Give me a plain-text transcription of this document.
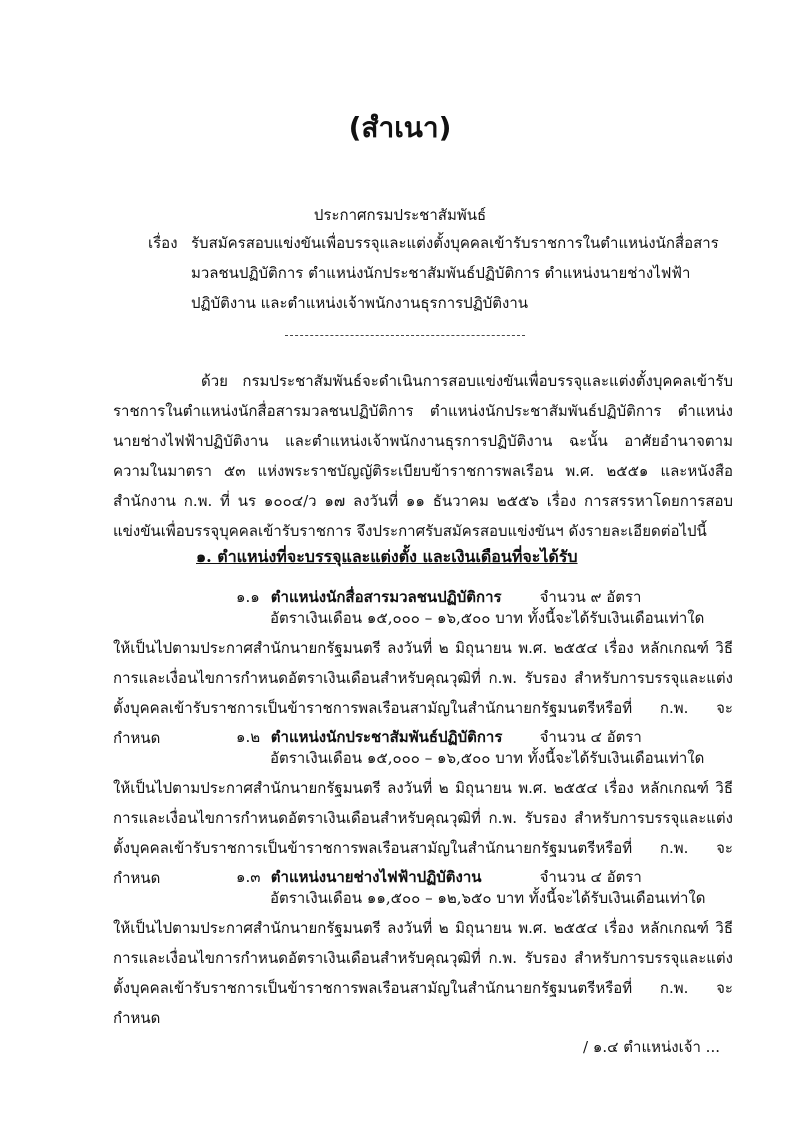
(สำเนา)
ประกาศกรมประชาสัมพันธ์
เรื่อง รับสมัครสอบแข่งขันเพื่อบรรจุและแต่งตั้งบุคคลเข้ารับราชการในตำแหน่งนักสื่อสารมวลชนปฏิบัติการ ตำแหน่งนักประชาสัมพันธ์ปฏิบัติการ ตำแหน่งนายช่างไฟฟ้าปฏิบัติงาน และตำแหน่งเจ้าพนักงานธุรการปฏิบัติงาน
ด้วย กรมประชาสัมพันธ์จะดำเนินการสอบแข่งขันเพื่อบรรจุและแต่งตั้งบุคคลเข้ารับราชการในตำแหน่งนักสื่อสารมวลชนปฏิบัติการ ตำแหน่งนักประชาสัมพันธ์ปฏิบัติการ ตำแหน่งนายช่างไฟฟ้าปฏิบัติงาน และตำแหน่งเจ้าพนักงานธุรการปฏิบัติงาน ฉะนั้น อาศัยอำนาจตามความในมาตรา ๕๓ แห่งพระราชบัญญัติระเบียบข้าราชการพลเรือน พ.ศ. ๒๕๕๑ และหนังสือสำนักงาน ก.พ. ที่ นร ๑๐๐๔/ว ๑๗ ลงวันที่ ๑๑ ธันวาคม ๒๕๕๖ เรื่อง การสรรหาโดยการสอบแข่งขันเพื่อบรรจุบุคคลเข้ารับราชการ จึงประกาศรับสมัครสอบแข่งขันฯ ดังรายละเอียดต่อไปนี้
๑. ตำแหน่งที่จะบรรจุและแต่งตั้ง และเงินเดือนที่จะได้รับ
๑.๑ ตำแหน่งนักสื่อสารมวลชนปฏิบัติการ	จำนวน ๙ อัตรา
อัตราเงินเดือน ๑๕,๐๐๐ – ๑๖,๕๐๐ บาท ทั้งนี้จะได้รับเงินเดือนเท่าใด
ให้เป็นไปตามประกาศสำนักนายกรัฐมนตรี ลงวันที่ ๒ มิถุนายน พ.ศ. ๒๕๕๔ เรื่อง หลักเกณฑ์ วิธีการและเงื่อนไขการกำหนดอัตราเงินเดือนสำหรับคุณวุฒิที่ ก.พ. รับรอง สำหรับการบรรจุและแต่งตั้งบุคคลเข้ารับราชการเป็นข้าราชการพลเรือนสามัญในสำนักนายกรัฐมนตรีหรือที่ ก.พ. จะกำหนด	๑.๒ ตำแหน่งนักประชาสัมพันธ์ปฏิบัติการ จำนวน ๔ อัตรา
อัตราเงินเดือน ๑๕,๐๐๐ – ๑๖,๕๐๐ บาท ทั้งนี้จะได้รับเงินเดือนเท่าใด
ให้เป็นไปตามประกาศสำนักนายกรัฐมนตรี ลงวันที่ ๒ มิถุนายน พ.ศ. ๒๕๕๔ เรื่อง หลักเกณฑ์ วิธีการและเงื่อนไขการกำหนดอัตราเงินเดือนสำหรับคุณวุฒิที่ ก.พ. รับรอง สำหรับการบรรจุและแต่งตั้งบุคคลเข้ารับราชการเป็นข้าราชการพลเรือนสามัญในสำนักนายกรัฐมนตรีหรือที่ ก.พ. จะกำหนด	๑.๓ ตำแหน่งนายช่างไฟฟ้าปฏิบัติงาน	จำนวน ๔ อัตรา
อัตราเงินเดือน ๑๑,๕๐๐ – ๑๒,๖๕๐ บาท ทั้งนี้จะได้รับเงินเดือนเท่าใด
ให้เป็นไปตามประกาศสำนักนายกรัฐมนตรี ลงวันที่ ๒ มิถุนายน พ.ศ. ๒๕๕๔ เรื่อง หลักเกณฑ์ วิธีการและเงื่อนไขการกำหนดอัตราเงินเดือนสำหรับคุณวุฒิที่ ก.พ. รับรอง สำหรับการบรรจุและแต่งตั้งบุคคลเข้ารับราชการเป็นข้าราชการพลเรือนสามัญในสำนักนายกรัฐมนตรีหรือที่ ก.พ. จะกำหนด
/ ๑.๔ ตำแหน่งเจ้า ...
